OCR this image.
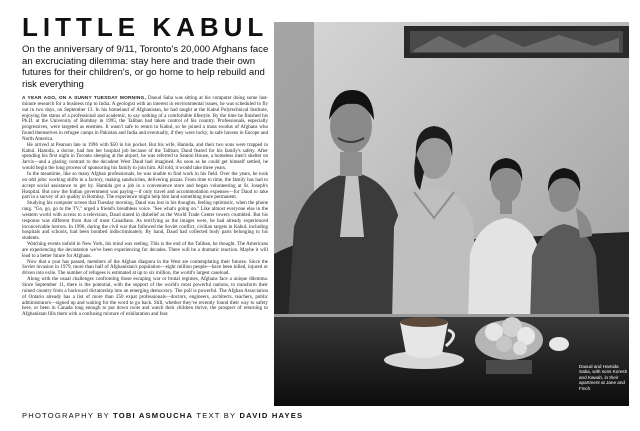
LITTLE KABUL

On the anniversary of 9/11, Toronto's 20,000 Afghans face an excruciating dilemma: stay here and trade their own futures for their children's, or go home to help rebuild and risk everything

A YEAR AGO, ON A SUNNY TUESDAY MORNING, Daoud Saba was sitting at his computer doing some last-minute research for a business trip to India. A geologist with an interest in environmental issues, he was scheduled to fly out in two days, on September 13. In his homeland of Afghanistan, he had taught at the Kabul Polytechnical Institute, enjoying the status of a professional and academic, to say nothing of a comfortable lifestyle. By the time he finished his Ph.D. at the University of Bombay in 1995, the Taliban had taken control of his country. Professionals, especially progressives, were targeted as enemies. It wasn't safe to return to Kabul, so he joined a mass exodus of Afghans who found themselves in refugee camps in Pakistan and India and eventually, if they were lucky, in safe havens in Europe and North America.

He arrived at Pearson late in 1996 with $50 in his pocket. But his wife, Hamida, and their two sons were trapped in Kabul. Hamida, a doctor, had lost her hospital job because of the Taliban; Daud feared for his family's safety. After spending his first night in Toronto sleeping at the airport, he was referred to Seaton House, a homeless men's shelter on Jarvis—and a glaring contrast to the decadent West Daud had imagined. As soon as he could get himself settled, he would begin the long process of sponsoring his family to join him. All told, it would take three years.

In the meantime, like so many Afghan professionals, he was unable to find work in his field. Over the years, he took on odd jobs: working shifts in a factory, making sandwiches, delivering pizzas. From time to time, the family has had to accept social assistance to get by. Hamida got a job in a convenience store and began volunteering at St. Joseph's Hospital. But now the Indian government was paying—if only travel and accommodation expenses—for Daud to take part in a survey of air quality in Bombay. The experience might help him land something more permanent.

Studying his computer screen that Tuesday morning, Daud was lost in his thoughts, feeling optimistic, when the phone rang. "Go, go, go to the TV," urged a friend's breathless voice. "See what's going on." Like almost everyone else in the western world with access to a television, Daud stared in disbelief as the World Trade Center towers crumbled. But his response was different from that of most Canadians. As terrifying as the images were, he had already experienced inconceivable horrors. In 1990, during the civil war that followed the Soviet conflict, civilian targets in Kabul, including hospitals and schools, had been bombed indiscriminately. By hand, Daud had collected body parts belonging to his students.

Watching events unfold in New York, his mind was reeling. This is the end of the Taliban, he thought. The Americans are experiencing the devastation we've been experiencing for decades. There will be a dramatic reaction. Maybe it will lead to a better future for Afghans.

Now that a year has passed, members of the Afghan diaspora in the West are contemplating their futures. Since the Soviet invasion in 1979, more than half of Afghanistan's population—eight million people—have been killed, injured or driven into exile. The number of refugees is estimated at up to six million, the world's largest caseload.

Along with the usual challenges confronting those escaping war or brutal regimes, Afghans face a unique dilemma. Since September 11, there is the potential, with the support of the world's most powerful nations, to transform their ruined country from a backward dictatorship into an emerging democracy. The poll is powerful. The Afghan Association of Ontario already has a list of more than 250 expat professionals—doctors, engineers, architects, teachers, public administrators—signed up and waiting for the word to go back. Still, whether they've recently found their way to safety here, or been in Canada long enough to put down roots and watch their children thrive, the prospect of returning to Afghanistan fills them with a confusing mixture of exhilaration and fear.

PHOTOGRAPHY BY TOBI ASMOUCHA TEXT BY DAVID HAYES
Daoud and Hamida Saba, with sons Koresh and Kawah, in their apartment at Jane and Finch
